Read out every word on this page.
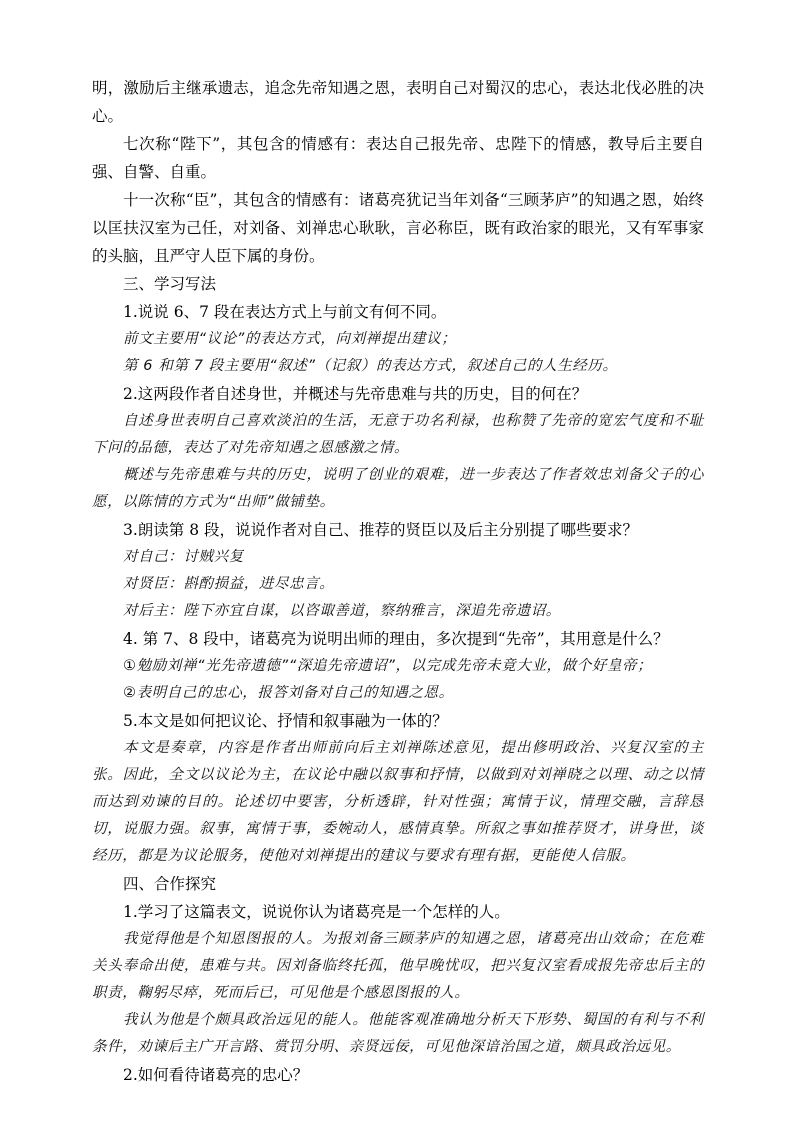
明，激励后主继承遗志，追念先帝知遇之恩，表明自己对蜀汉的忠心，表达北伐必胜的决心。

七次称“陛下”，其包含的情感有：表达自己报先帝、忠陛下的情感，教导后主要自强、自警、自重。

十一次称“臣”，其包含的情感有：诸葛亮犹记当年刘备“三顾茅庐”的知遇之恩，始终以匡扶汉室为己任，对刘备、刘禅忠心耿耿，言必称臣，既有政治家的眼光，又有军事家的头脑，且严守人臣下属的身份。

三、学习写法

1.说说 6、7 段在表达方式上与前文有何不同。

前文主要用“议论”的表达方式，向刘禅提出建议；

第 6 和第 7 段主要用“叙述”（记叙）的表达方式，叙述自己的人生经历。

2.这两段作者自述身世，并概述与先帝患难与共的历史，目的何在？

自述身世表明自己喜欢淡泊的生活，无意于功名利禄，也称赞了先帝的宽宏气度和不耻下问的品德，表达了对先帝知遇之恩感激之情。

概述与先帝患难与共的历史，说明了创业的艰难，进一步表达了作者效忠刘备父子的心愿，以陈情的方式为“出师”做铺垫。

3.朗读第 8 段，说说作者对自己、推荐的贤臣以及后主分别提了哪些要求？

对自己：讨贼兴复

对贤臣：斟酌损益，进尽忠言。

对后主：陛下亦宜自谋，以咨诹善道，察纳雅言，深追先帝遗诏。

4. 第 7、8 段中，诸葛亮为说明出师的理由，多次提到“先帝”，其用意是什么？

①勉励刘禅“光先帝遗德”“深追先帝遗诏”，以完成先帝未竟大业，做个好皇帝；

②表明自己的忠心，报答刘备对自己的知遇之恩。

5.本文是如何把议论、抒情和叙事融为一体的？

本文是奏章，内容是作者出师前向后主刘禅陈述意见，提出修明政治、兴复汉室的主张。因此，全文以议论为主，在议论中融以叙事和抒情，以做到对刘禅晓之以理、动之以情而达到劝谏的目的。论述切中要害，分析透辟，针对性强；寓情于议，情理交融，言辞恳切，说服力强。叙事，寓情于事，委婉动人，感情真挚。所叙之事如推荐贤才，讲身世，谈经历，都是为议论服务，使他对刘禅提出的建议与要求有理有据，更能使人信服。

四、合作探究

1.学习了这篇表文，说说你认为诸葛亮是一个怎样的人。

我觉得他是个知恩图报的人。为报刘备三顾茅庐的知遇之恩，诸葛亮出山效命；在危难关头奉命出使，患难与共。因刘备临终托孤，他早晚忧叹，把兴复汉室看成报先帝忠后主的职责，鞠躬尽瘁，死而后已，可见他是个感恩图报的人。

我认为他是个颇具政治远见的能人。他能客观准确地分析天下形势、蜀国的有利与不利条件，劝谏后主广开言路、赏罚分明、亲贤远佞，可见他深谙治国之道，颇具政治远见。

2.如何看待诸葛亮的忠心？
